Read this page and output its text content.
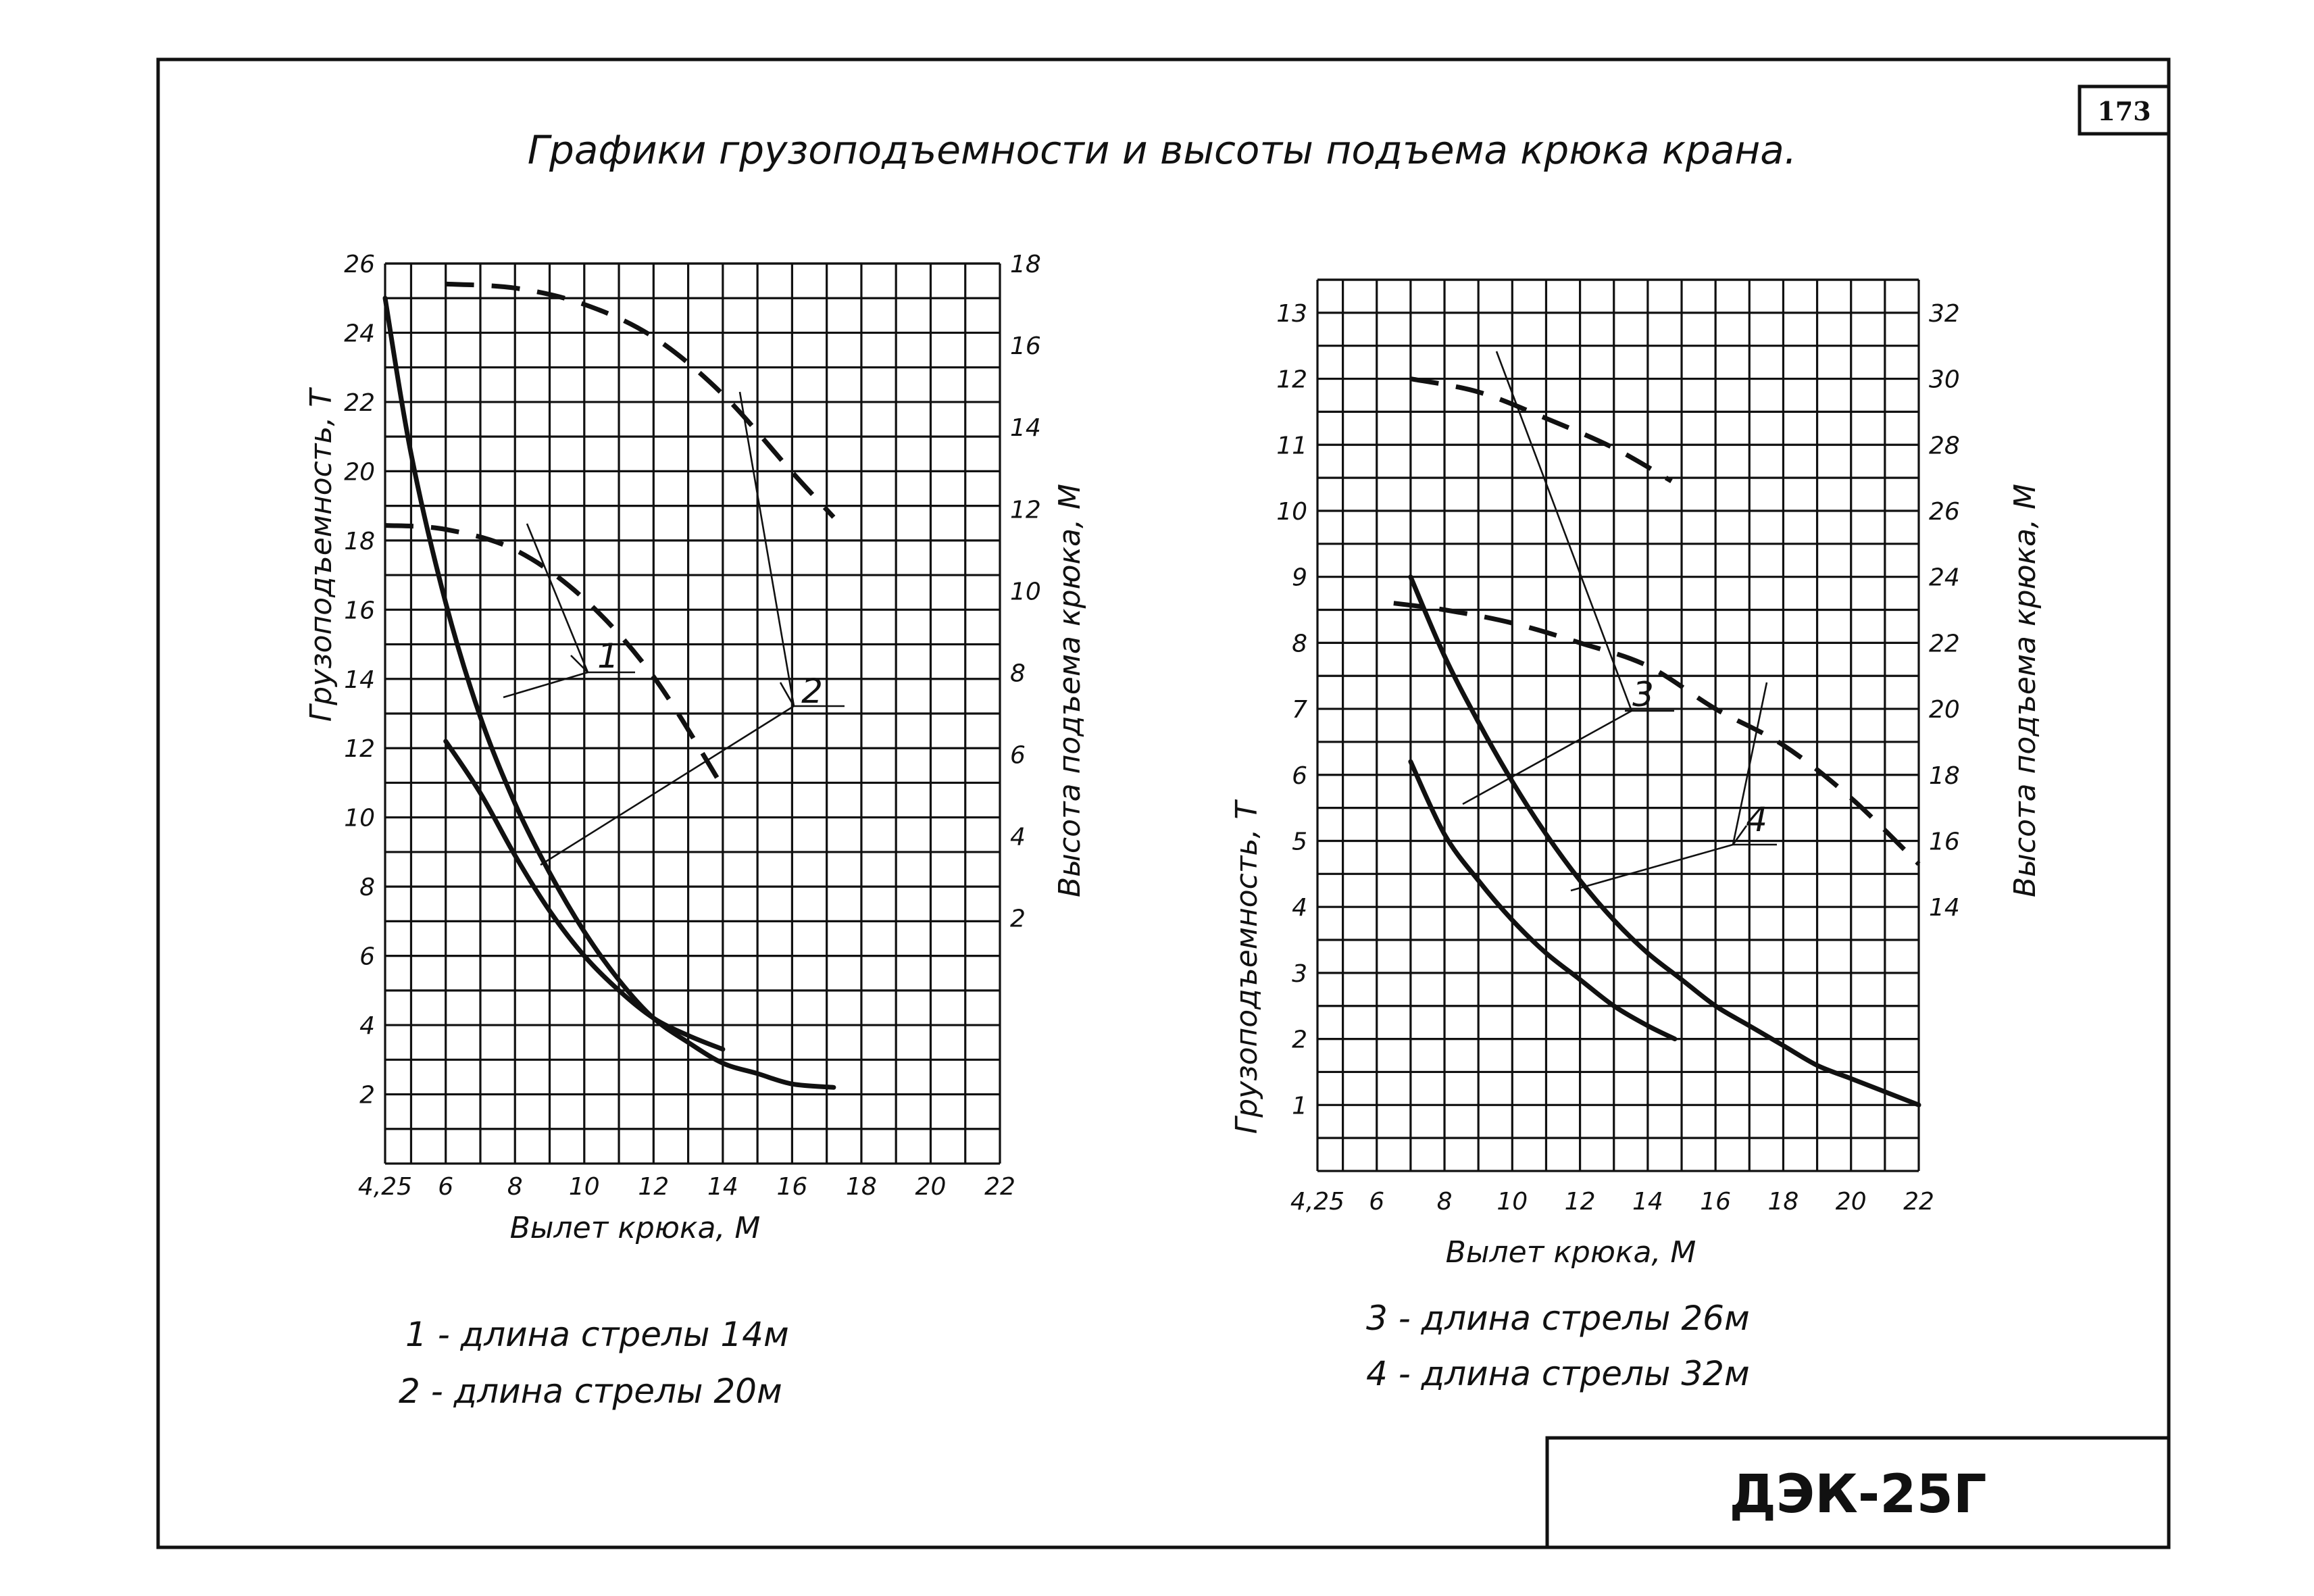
173
Графики грузоподъемности и высоты подъема крюка крана.
ДЭК-25Г
4,25 6 8 10 12 14 16 18 20 22
2
4
6
8
10
12
14
16
18
20
22
24
26
2
4
6
8
10
12
14
16
18
1
2
Вылет крюка, М
Грузоподъемность, Т	Высота подъема крюка, М
1 - длина стрелы 14м
2 - длина стрелы 20м
4,25 6 8 10 12 14 16 18 20 22
1
2
3
4
5
6
7
8
9
10
11
12
13
14
16
18
20
22
24
26
28
30
32
4
3
Вылет крюка, М
Грузоподъемность, Т
Высота подъема крюка, М
3 - длина стрелы 26м
4 - длина стрелы 32м
